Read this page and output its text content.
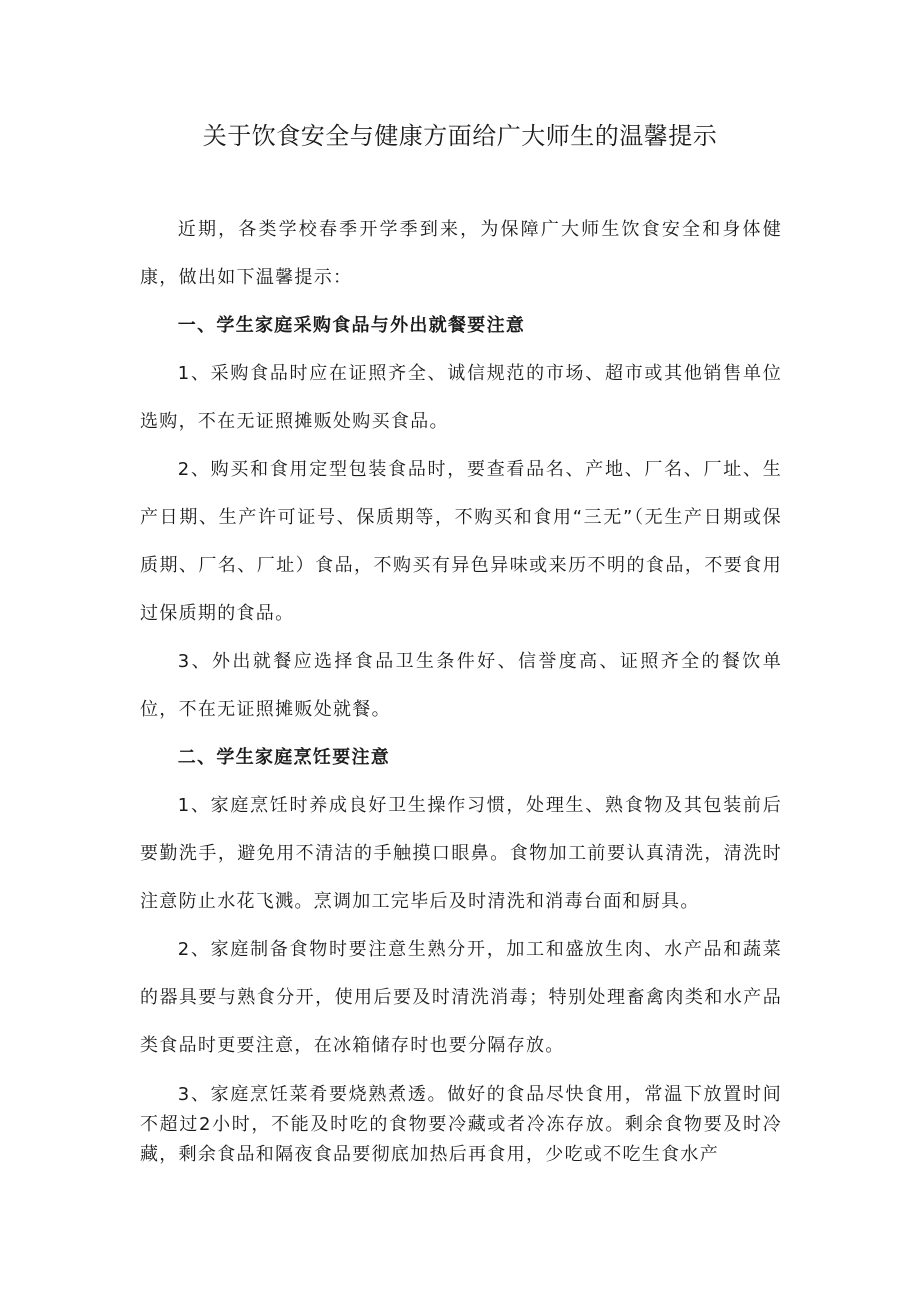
关于饮食安全与健康方面给广大师生的温馨提示

近期，各类学校春季开学季到来，为保障广大师生饮食安全和身体健康，做出如下温馨提示：

一、学生家庭采购食品与外出就餐要注意

1、采购食品时应在证照齐全、诚信规范的市场、超市或其他销售单位选购，不在无证照摊贩处购买食品。

2、购买和食用定型包装食品时，要查看品名、产地、厂名、厂址、生产日期、生产许可证号、保质期等，不购买和食用“三无”（无生产日期或保质期、厂名、厂址）食品，不购买有异色异味或来历不明的食品，不要食用过保质期的食品。

3、外出就餐应选择食品卫生条件好、信誉度高、证照齐全的餐饮单位，不在无证照摊贩处就餐。

二、学生家庭烹饪要注意

1、家庭烹饪时养成良好卫生操作习惯，处理生、熟食物及其包装前后要勤洗手，避免用不清洁的手触摸口眼鼻。食物加工前要认真清洗，清洗时注意防止水花飞溅。烹调加工完毕后及时清洗和消毒台面和厨具。

2、家庭制备食物时要注意生熟分开，加工和盛放生肉、水产品和蔬菜的器具要与熟食分开，使用后要及时清洗消毒；特别处理畜禽肉类和水产品类食品时更要注意，在冰箱储存时也要分隔存放。

3、家庭烹饪菜肴要烧熟煮透。做好的食品尽快食用，常温下放置时间不超过2小时，不能及时吃的食物要冷藏或者冷冻存放。剩余食物要及时冷藏，剩余食品和隔夜食品要彻底加热后再食用，少吃或不吃生食水产
